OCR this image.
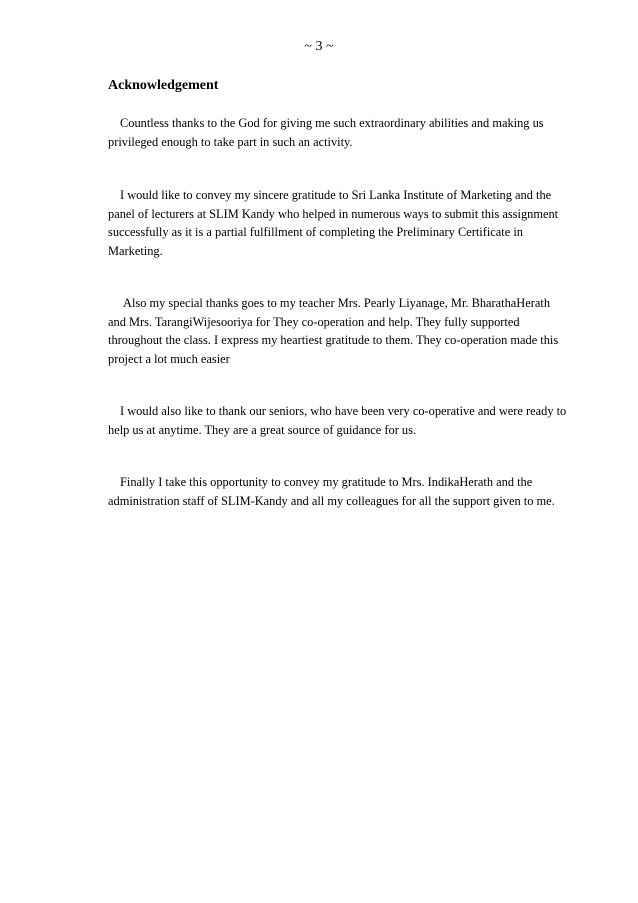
~ 3 ~
Acknowledgement
Countless thanks to the God for giving me such extraordinary abilities and making us privileged enough to take part in such an activity.
I would like to convey my sincere gratitude to Sri Lanka Institute of Marketing and the panel of lecturers at SLIM Kandy who helped in numerous ways to submit this assignment successfully as it is a partial fulfillment of completing the Preliminary Certificate in Marketing.
Also my special thanks goes to my teacher Mrs. Pearly Liyanage, Mr. BharathaHerath and Mrs. TarangiWijesooriya for They co-operation and help. They fully supported throughout the class. I express my heartiest gratitude to them. They co-operation made this project a lot much easier
I would also like to thank our seniors, who have been very co-operative and were ready to help us at anytime. They are a great source of guidance for us.
Finally I take this opportunity to convey my gratitude to Mrs. IndikaHerath and the administration staff of SLIM-Kandy and all my colleagues for all the support given to me.
